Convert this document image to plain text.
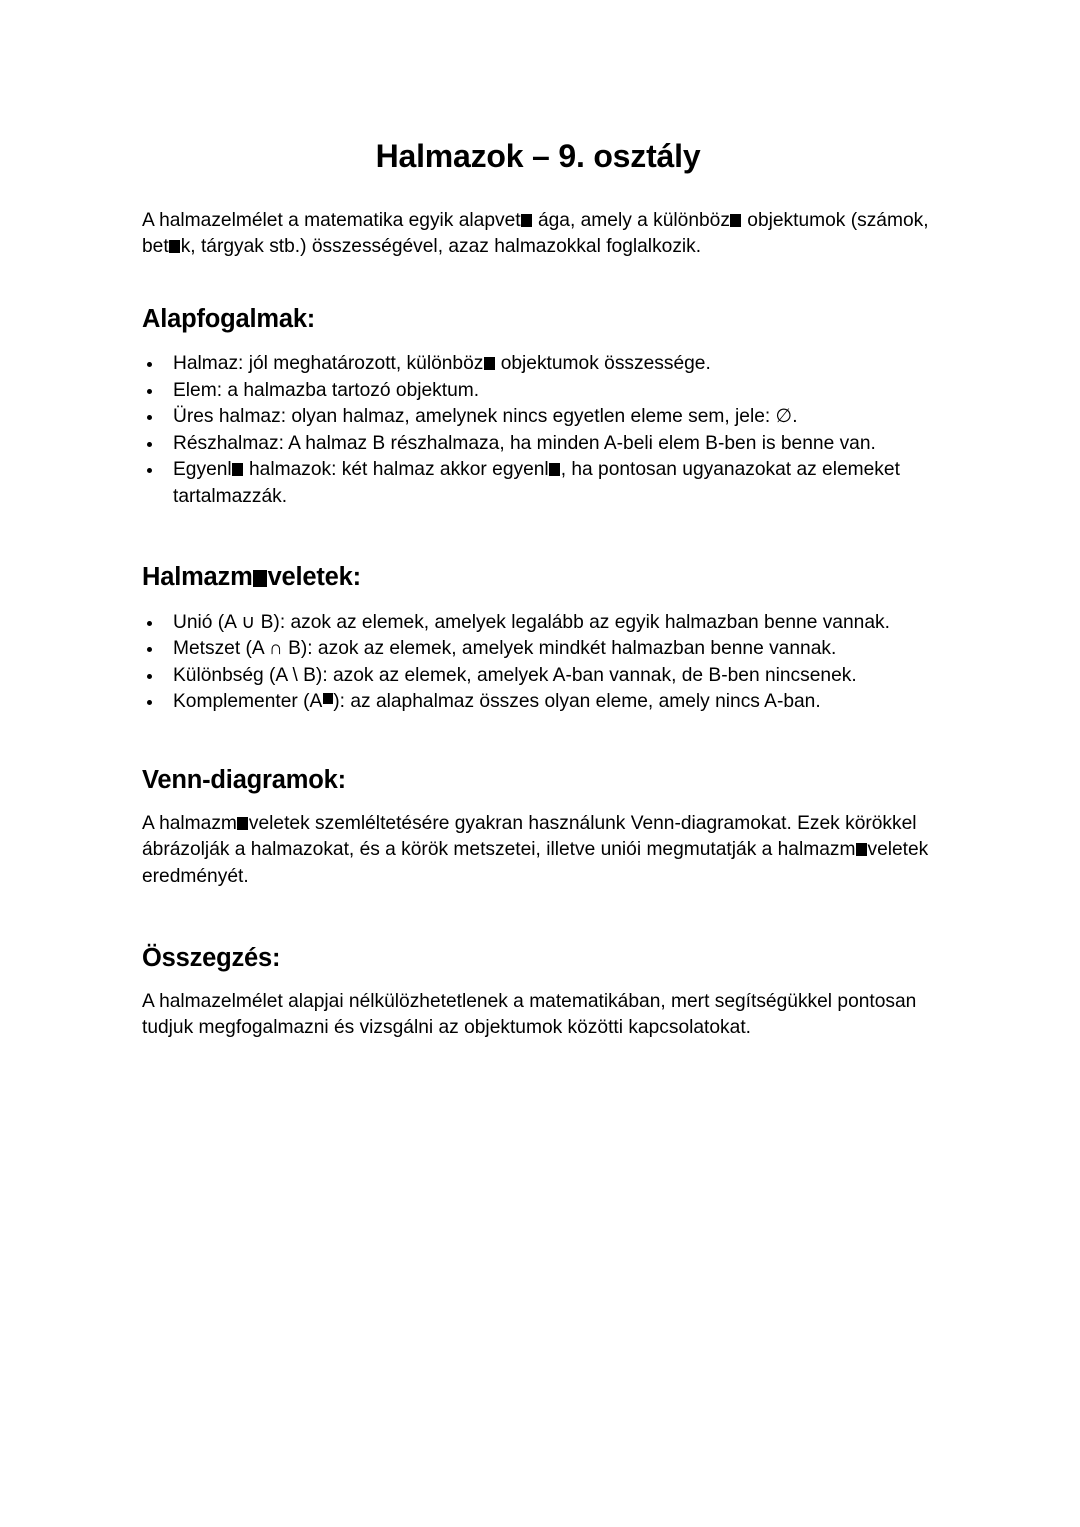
Halmazok – 9. osztály

A halmazelmélet a matematika egyik alapvet ága, amely a különböz objektumok (számok, bet k, tárgyak stb.) összességével, azaz halmazokkal foglalkozik.

Alapfogalmak:
Halmaz: jól meghatározott, különböz objektumok összessége.
Elem: a halmazba tartozó objektum.
Üres halmaz: olyan halmaz, amelynek nincs egyetlen eleme sem, jele: ∅.
Részhalmaz: A halmaz B részhalmaza, ha minden A-beli elem B-ben is benne van.
Egyenl halmazok: két halmaz akkor egyenl , ha pontosan ugyanazokat az elemeket tartalmazzák.
Halmazm veletek:
Unió (A ∪ B): azok az elemek, amelyek legalább az egyik halmazban benne vannak.
Metszet (A ∩ B): azok az elemek, amelyek mindkét halmazban benne vannak.
Különbség (A \ B): azok az elemek, amelyek A-ban vannak, de B-ben nincsenek.
Komplementer (A ): az alaphalmaz összes olyan eleme, amely nincs A-ban.
Venn-diagramok:

A halmazm veletek szemléltetésére gyakran használunk Venn-diagramokat. Ezek körökkel ábrázolják a halmazokat, és a körök metszetei, illetve uniói megmutatják a halmazm veletek eredményét.

Összegzés:

A halmazelmélet alapjai nélkülözhetetlenek a matematikában, mert segítségükkel pontosan tudjuk megfogalmazni és vizsgálni az objektumok közötti kapcsolatokat.
